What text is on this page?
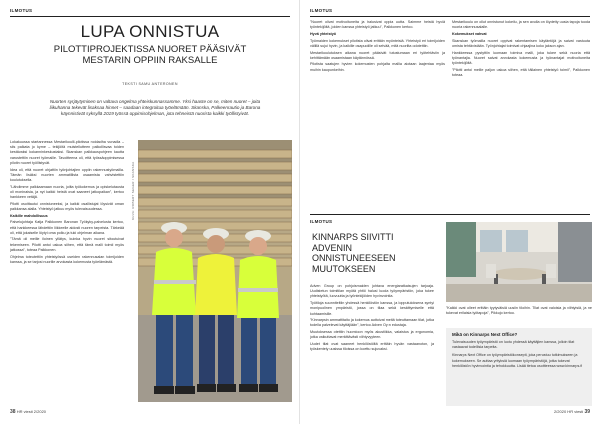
ILMOTUS
LUPA ONNISTUA
PILOTTIPROJEKTISSA NUORET PÄÄSIVÄT MESTARIN OPPIIN RAKSALLE
TEKSTI SAMU ANTERONEN
Nuorten syrjäytyminen on valtava ongelma yhteiskunnassamme. Yksi haaste on se, miten nuoret – joita liikuhanna tekevät lisaksaa hinnet – saadaan integroitua työelämään. Skanska, Palkeenrautio ja Barona käynnistivät syksyllä 2019 työssä oppimisohjelman, jota tehneistä nuorista kaikki työllistyivät.

Lokakuussa startannessa Mestarikoulli-pilotissa noidadha vunadla – siis palkata jo kyme – tekijöitä muistellutteen palkollisvaa toiden kestävaksi kokanninkeskustaksi. Skanskan palkkauspohjeen kautta varustettiin nuoret työmaille. Tavoitteena oli, että työssäoppimisessa pilotin nuoret työllistyvät.

Idea oli, että nuoret ohjattiin työnjohtajien oppiin rakennustyömailla. Tämän lisäksi nuorten ammatillista osaamista vahvistettiin koulutuksella.

"Lähdimme palkkaamaan nuoria, joilta työkokemus ja opiskelutausta oli moninaisia, ja nyt kaikki heistä ovat saaneet jatkopaikan", kertoo hankkeen vetäjä.

Pilotti osoittautui onnistuneeksi, ja kaikki osallistujat löysivät oman paikkansa alalla. Yhteistyö jatkuu myös tulevaisuudessa.

Kaikille mahdollisuus

Palvelujohtaja Katja Palkkonen Baronan Työkyky-palvelusta kertoo, että hankkeessa lähdettiin liikkeelle aidosti nuoren tarpeista. Tärkeää oli, että jokaiselle löytyi oma polku ja tuki ohjelman aikana.

"Tämä oli meille iloinen yllätys, kuinka hyvin nuoret sitoutuivat tekemiseen. Pilotti antoi uskoa siihen, että tämä malli toimii myös jatkossa", toteaa Palkkonen.

Ohjelma toteutettiin yhteistyössä useiden rakennusalan toimijoiden kanssa, ja se tarjosi nuorille arvokasta kokemusta työelämästä.

KUVA: ROBERT SEGER / SKANSKA
38 HR viesti 2/2020
ILMOTUS

"Nuoret olivat motivoituneita ja halusivat oppia uutta. Saimme heistä hyviä työntekijöitä, joiden kanssa yhteistyö jatkuu", Palkkonen kertoo.

Hyvä yhteistyö

Työmaiden kokemukset pilotista olivat erittäin myönteisiä. Yhteistyö eri toimijoiden välillä sujui hyvin, ja kaikille osapuolille oli selvää, mitä nuorilta odotettiin.

Mestarikoulutuksen aikana nuoret pääsivät tutustumaan eri työtehtäviin ja kehittämään osaamistaan käytännössä.

Pilotista saatujen hyvien kokemusten pohjalta mallia aiotaan laajentaa myös muihin kaupunkeihin.

Mestarikoulu on ollut onnistunut kokeilu, ja sen avulla on löydetty uusia tapoja tuoda nuoria rakennusalalle.

Kokemukset vahvat

Skanskan työmailla nuoret oppivat rakentamisen käytäntöjä ja saivat vastuuta omista tehtävistään. Työnjohtajat toimivat ohjaajina koko jakson ajan.

Hankkeessa pystyttiin luomaan toimiva malli, joka tukee sekä nuoria että työnantajia. Nuoret saivat arvokasta kokemusta ja työnantajat motivoituneita työntekijöitä.

"Pilotti antoi meille paljon uskoa siihen, että tällainen yhteistyö toimii", Palkkonen toteaa.

ILMOTUS
KINNARPS SIIVITTI ADVENIN ONNISTUNEESEEN MUUTOKSEEN

Adven Group on pohjoismaiden johtava energiaratkaisujen tarjoaja. Uudistetun toimitilan myötä yhtiö halusi luoda työympäristön, joka tukee yhteistyötä, luovuutta ja työntekijöiden hyvinvointia.

Työtiloja suunniteltiin yhdessä henkilöstön kanssa, ja lopputuloksena syntyi monipuolinen ympäristö, jossa on tilaa sekä keskittymiselle että kohtaamisille.

"Kinnarpsin ammattitaito ja kokemus auttoivat meitä toteuttamaan tilat, jotka todella palvelevat käyttäjiään", kertoo Adven Oy:n edustaja.

Muutoksessa otettiin huomioon myös akustiikka, valaistus ja ergonomia, jotka vaikuttavat merkittävästi viihtyvyyteen.

Uudet tilat ovat saaneet henkilöstöltä erittäin hyvän vastaanoton, ja työskentely uusissa tiloissa on koettu sujuvaksi.

"Kaikki ovat olleet erittäin tyytyväisiä uusiin tiloihin. Tilat ovat valoisia ja viihtyisiä, ja ne tukevat erilaisia työtapoja", Pikkujo kertoo.

Mikä on Kinnarps Next Office?

Tulevaisuuden työympäristö on luotu yhdessä käyttäjien kanssa, jolloin tilat vastaavat todellisia tarpeita.

Kinnarps Next Office on työympäristökonsepti, joka perustuu tutkimukseen ja kokemukseen. Se auttaa yrityksiä luomaan työympäristöjä, jotka tukevat henkilöstön hyvinvointia ja tehokkuutta. Lisää tietoa osoitteessa www.kinnarps.fi

2/2020 HR viesti 39
